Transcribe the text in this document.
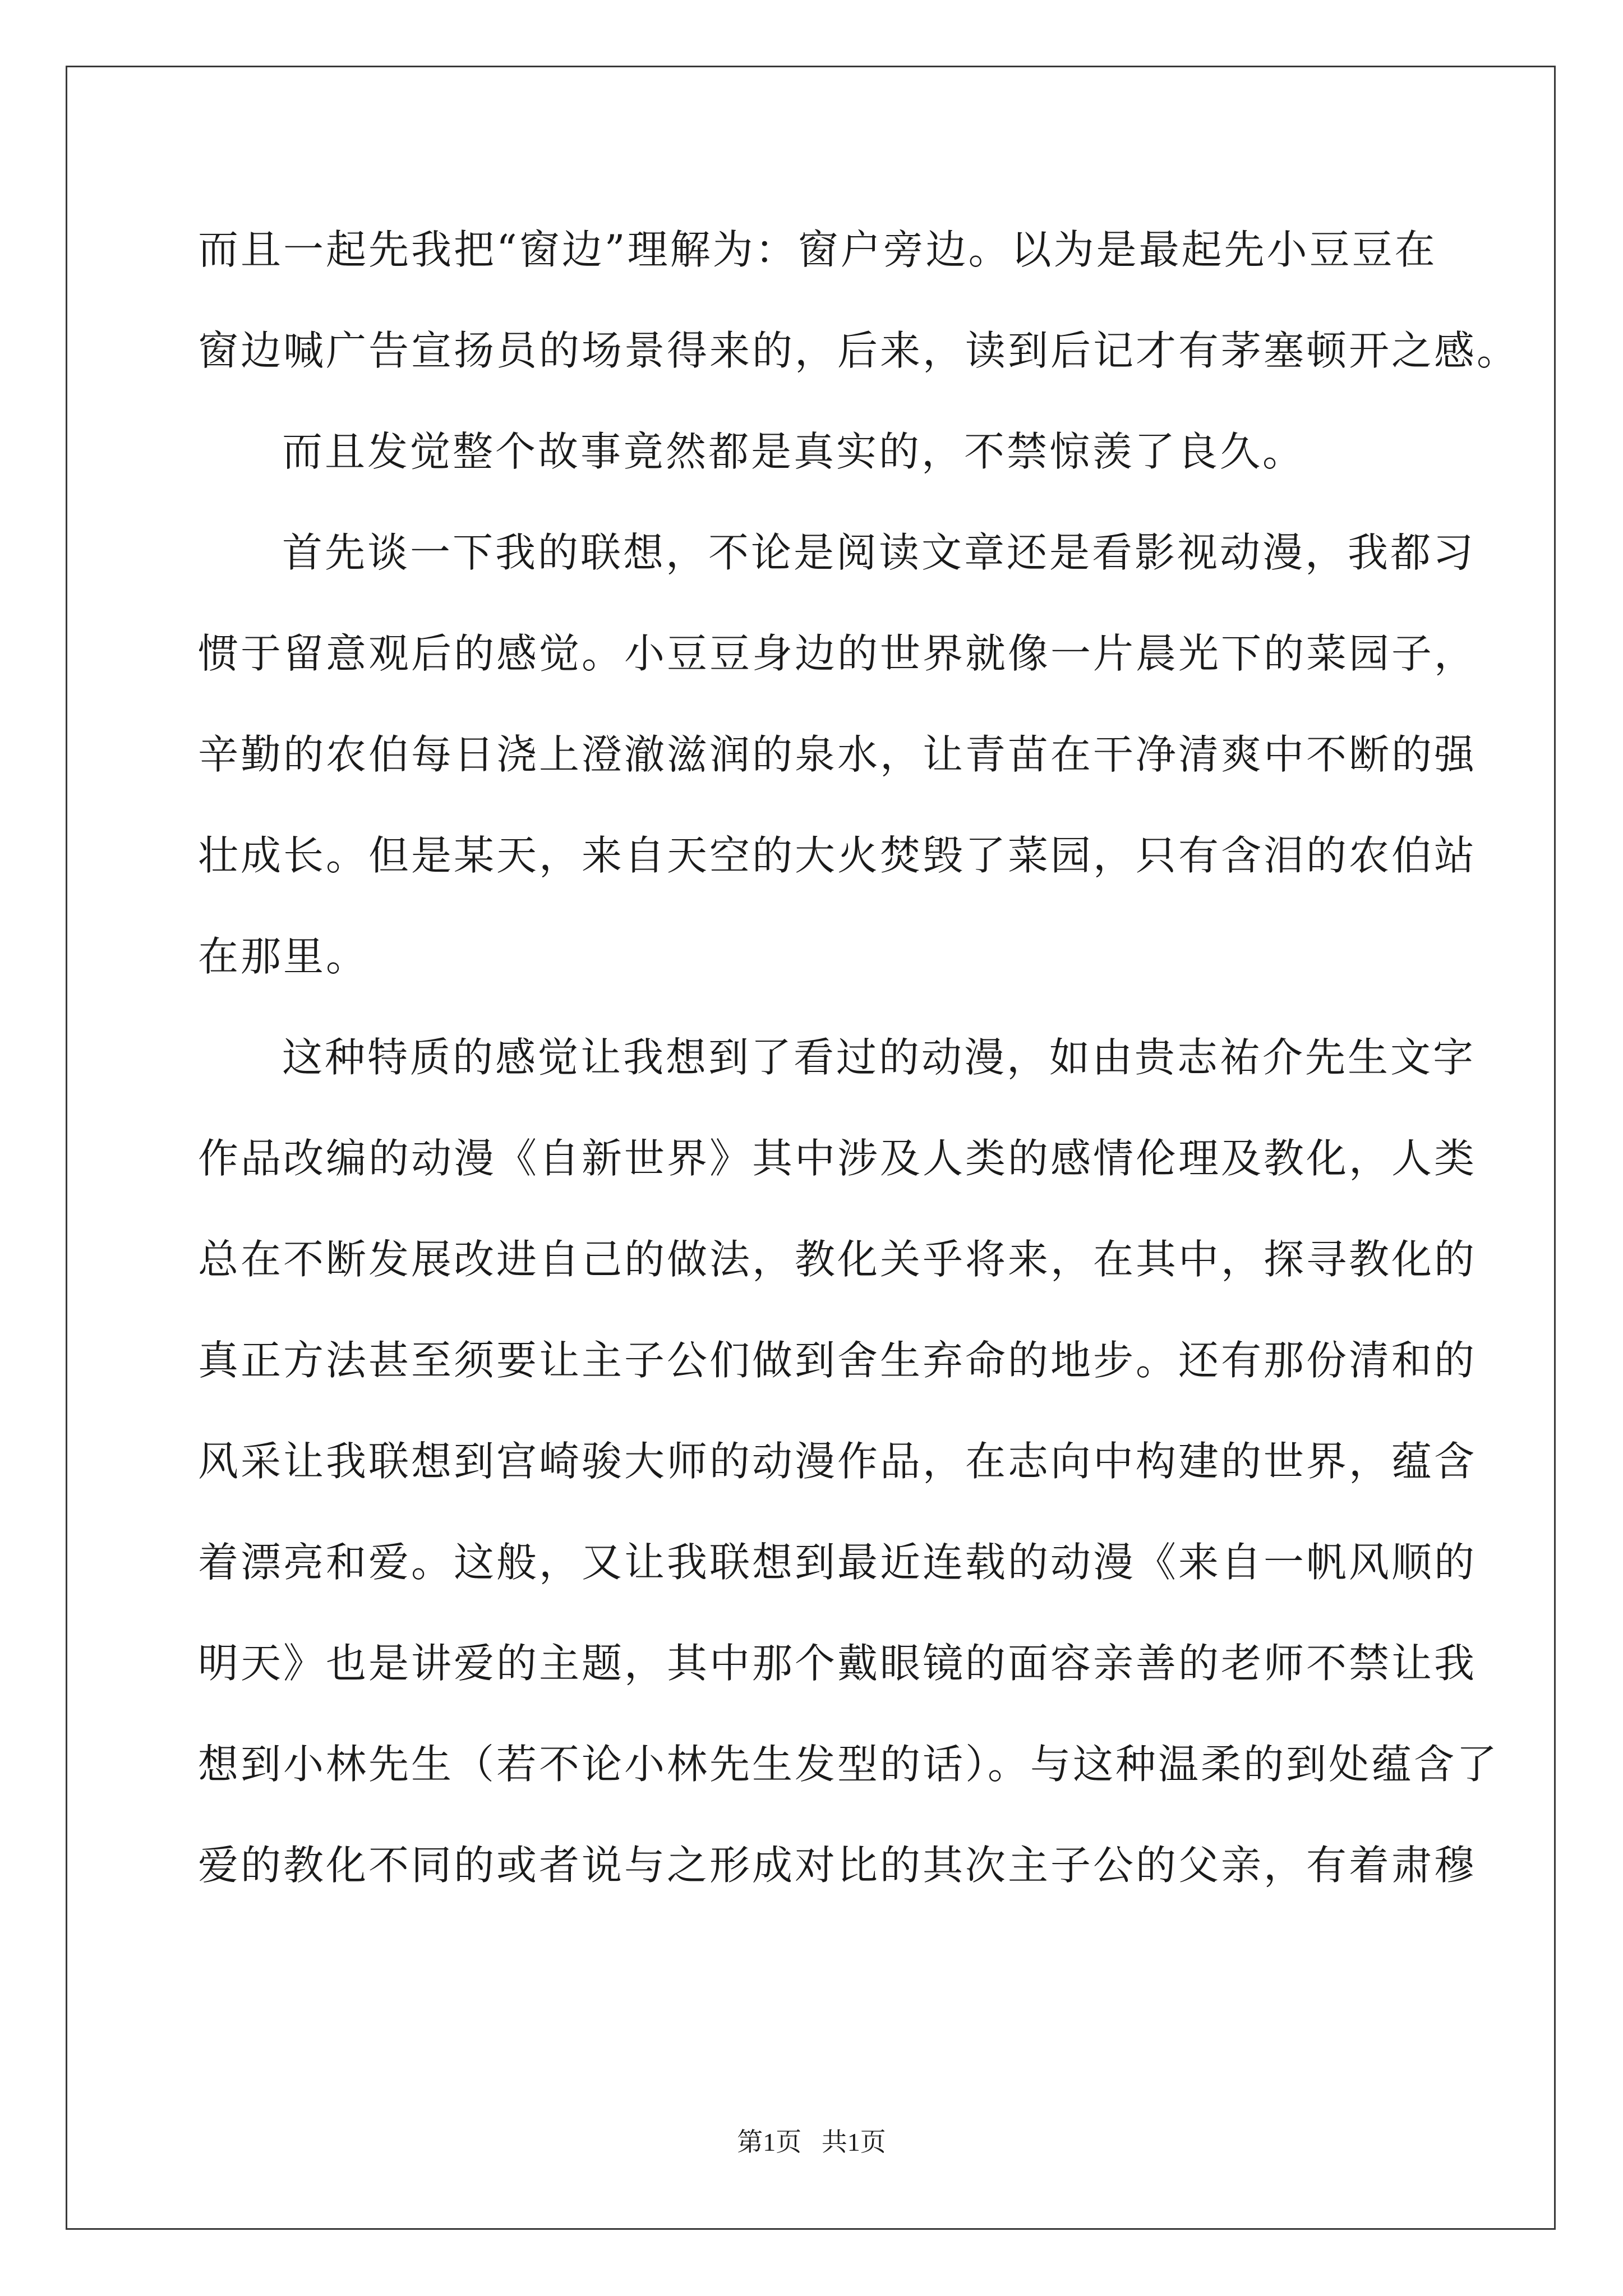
而且一起先我把“窗边”理解为：窗户旁边。以为是最起先小豆豆在
窗边喊广告宣扬员的场景得来的，后来，读到后记才有茅塞顿开之感。
而且发觉整个故事竟然都是真实的，不禁惊羡了良久。
首先谈一下我的联想，不论是阅读文章还是看影视动漫，我都习
惯于留意观后的感觉。小豆豆身边的世界就像一片晨光下的菜园子，
辛勤的农伯每日浇上澄澈滋润的泉水，让青苗在干净清爽中不断的强
壮成长。但是某天，来自天空的大火焚毁了菜园，只有含泪的农伯站
在那里。
这种特质的感觉让我想到了看过的动漫，如由贵志祐介先生文字
作品改编的动漫《自新世界》其中涉及人类的感情伦理及教化，人类
总在不断发展改进自己的做法，教化关乎将来，在其中，探寻教化的
真正方法甚至须要让主子公们做到舍生弃命的地步。还有那份清和的
风采让我联想到宫崎骏大师的动漫作品，在志向中构建的世界，蕴含
着漂亮和爱。这般，又让我联想到最近连载的动漫《来自一帆风顺的
明天》也是讲爱的主题，其中那个戴眼镜的面容亲善的老师不禁让我
想到小林先生（若不论小林先生发型的话）。与这种温柔的到处蕴含了
爱的教化不同的或者说与之形成对比的其次主子公的父亲，有着肃穆
第1页 共1页
